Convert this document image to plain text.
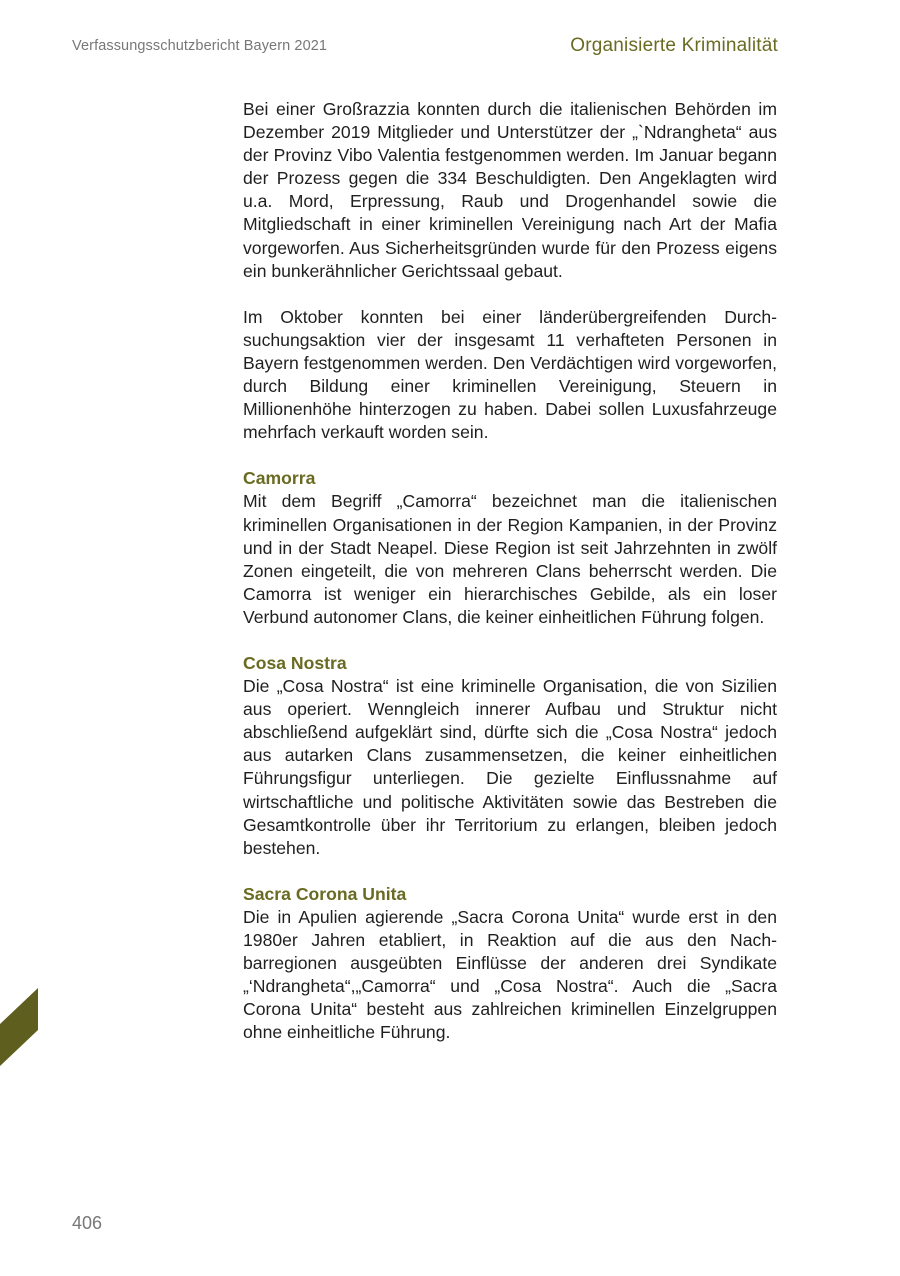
Verfassungsschutzbericht Bayern 2021	Organisierte Kriminalität

Bei einer Großrazzia konnten durch die italienischen Behörden im Dezember 2019 Mitglieder und Unterstützer der „`Ndrangheta“ aus der Provinz Vibo Valentia festgenommen werden. Im Januar begann der Prozess gegen die 334 Beschuldigten. Den Angeklagten wird u.a. Mord, Erpressung, Raub und Drogenhandel sowie die Mitgliedschaft in einer kriminellen Vereinigung nach Art der Mafia vorgeworfen. Aus Sicherheitsgründen wurde für den Prozess eigens ein bunkerähnlicher Gerichtssaal gebaut.

Im Oktober konnten bei einer länderübergreifenden Durchsuchungsaktion vier der insgesamt 11 verhafteten Personen in Bayern festgenommen werden. Den Verdächtigen wird vorgeworfen, durch Bildung einer kriminellen Vereinigung, Steuern in Millionenhöhe hinterzogen zu haben. Dabei sollen Luxusfahrzeuge mehrfach verkauft worden sein.

Camorra

Mit dem Begriff „Camorra“ bezeichnet man die italienischen kriminellen Organisationen in der Region Kampanien, in der Provinz und in der Stadt Neapel. Diese Region ist seit Jahrzehnten in zwölf Zonen eingeteilt, die von mehreren Clans beherrscht werden. Die Camorra ist weniger ein hierarchisches Gebilde, als ein loser Verbund autonomer Clans, die keiner einheitlichen Führung folgen.

Cosa Nostra

Die „Cosa Nostra“ ist eine kriminelle Organisation, die von Sizilien aus operiert. Wenngleich innerer Aufbau und Struktur nicht abschließend aufgeklärt sind, dürfte sich die „Cosa Nostra“ jedoch aus autarken Clans zusammensetzen, die keiner einheitlichen Führungsfigur unterliegen. Die gezielte Einflussnahme auf wirtschaftliche und politische Aktivitäten sowie das Bestreben die Gesamtkontrolle über ihr Territorium zu erlangen, bleiben jedoch bestehen.

Sacra Corona Unita

Die in Apulien agierende „Sacra Corona Unita“ wurde erst in den 1980er Jahren etabliert, in Reaktion auf die aus den Nachbarregionen ausgeübten Einflüsse der anderen drei Syndikate „‘Ndrangheta“,„Camorra“ und „Cosa Nostra“. Auch die „Sacra Corona Unita“ besteht aus zahlreichen kriminellen Einzelgruppen ohne einheitliche Führung.

406
